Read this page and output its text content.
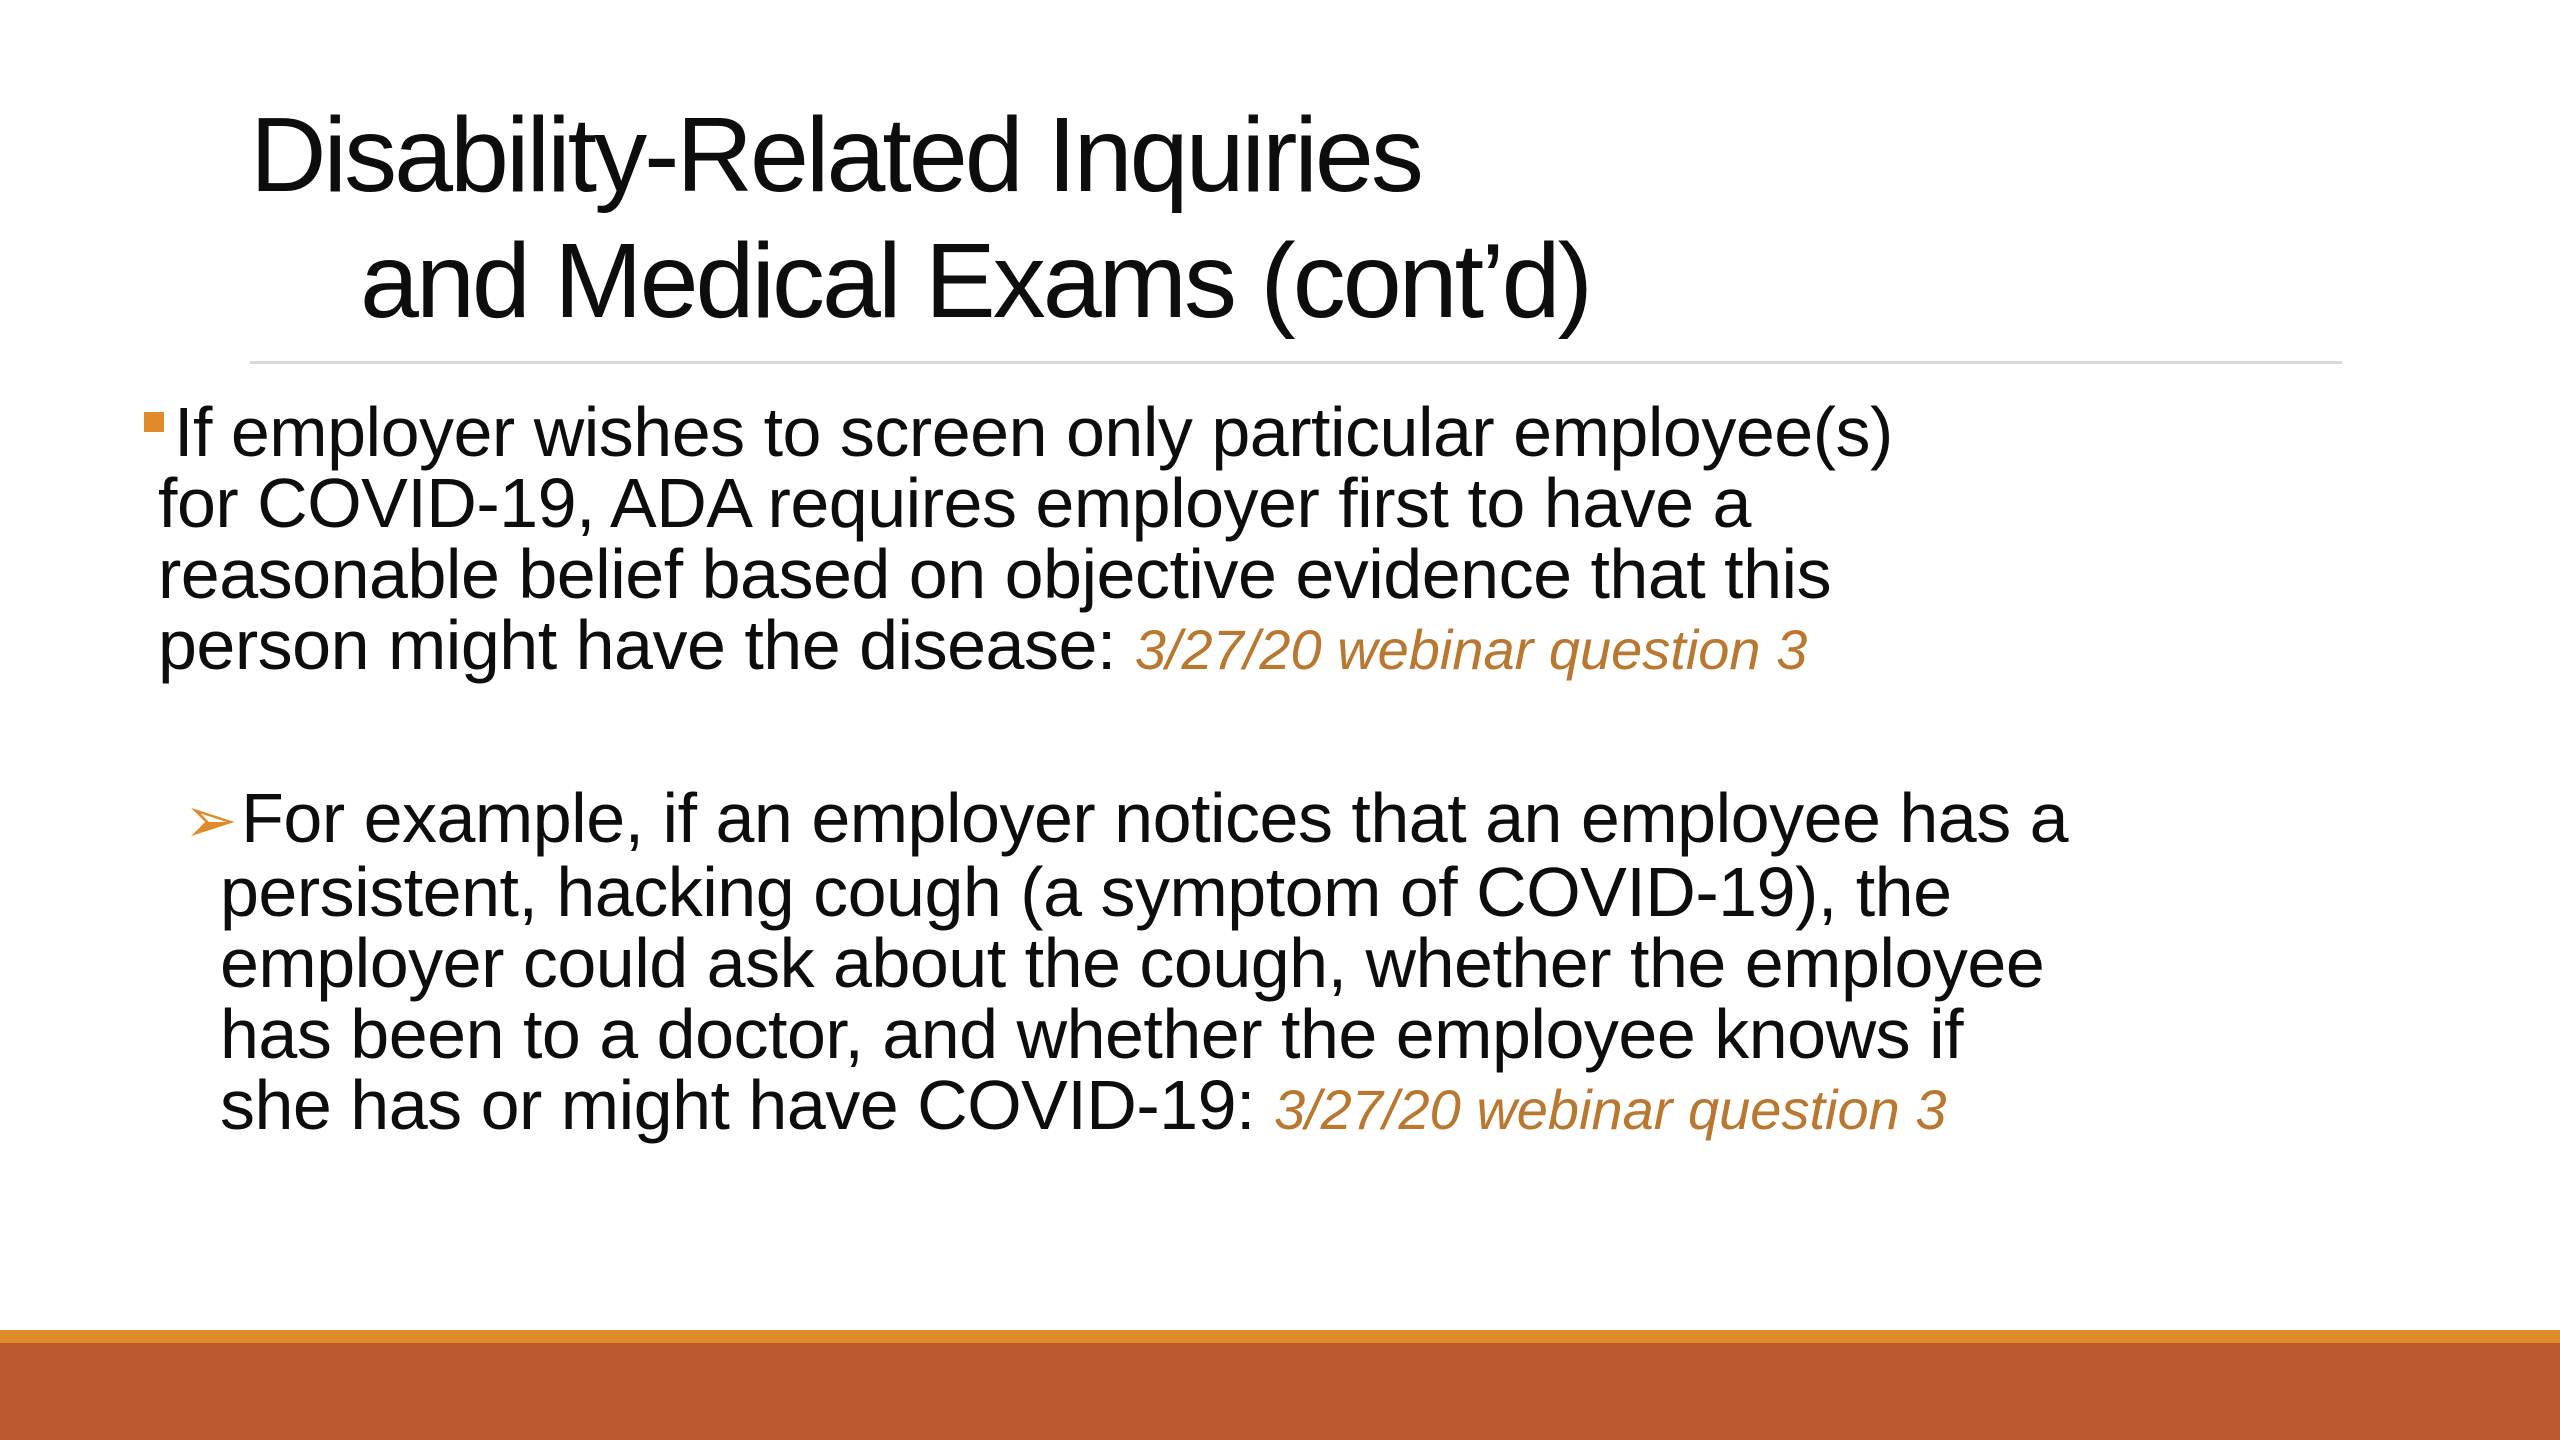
Disability-Related Inquiries
and Medical Exams (cont’d)
If employer wishes to screen only particular employee(s)
for COVID-19, ADA requires employer first to have a
reasonable belief based on objective evidence that this
person might have the disease: 3/27/20 webinar question 3
➢For example, if an employer notices that an employee has a
persistent, hacking cough (a symptom of COVID-19), the
employer could ask about the cough, whether the employee
has been to a doctor, and whether the employee knows if
she has or might have COVID-19: 3/27/20 webinar question 3
